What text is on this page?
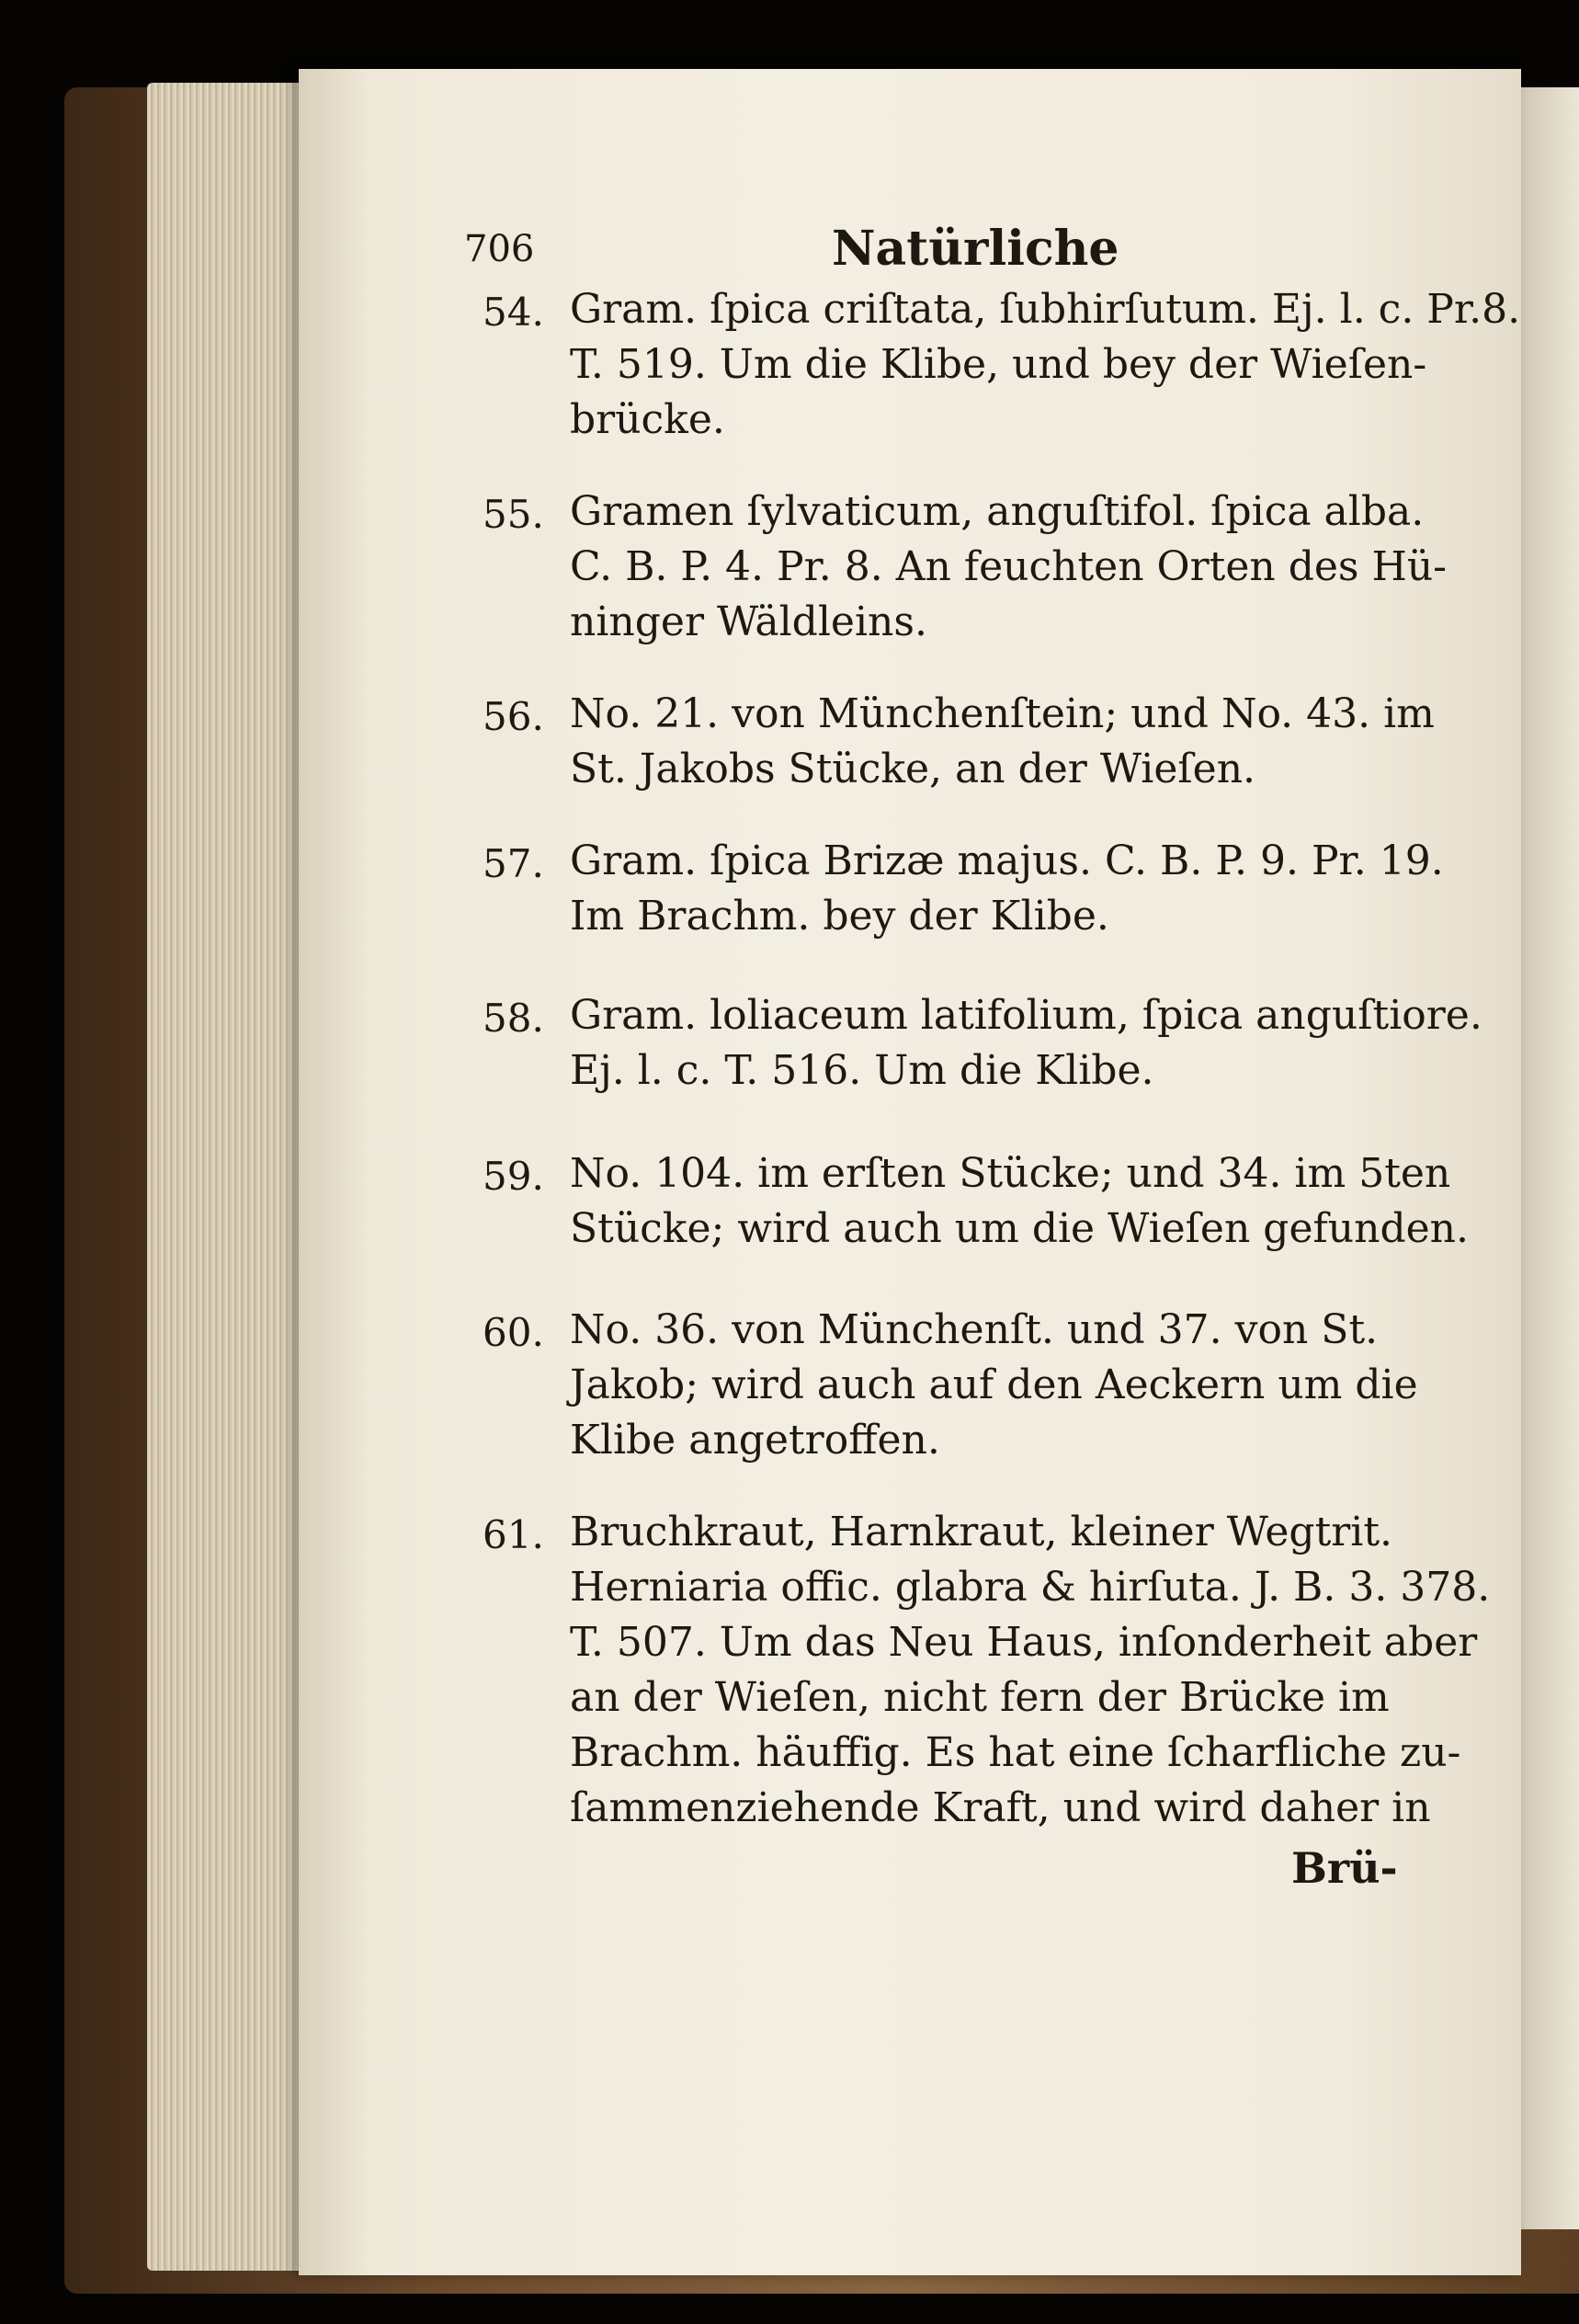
706	Natürliche
54. Gram. ſpica criſtata, ſubhirſutum. Ej. l. c. Pr.8.
T. 519. Um die Klibe, und bey der Wieſen-
brücke.
55. Gramen ſylvaticum, anguſtifol. ſpica alba.
C. B. P. 4. Pr. 8. An feuchten Orten des Hü-
ninger Wäldleins.
56. No. 21. von Münchenſtein; und No. 43. im
St. Jakobs Stücke, an der Wieſen.
57. Gram. ſpica Brizæ majus. C. B. P. 9. Pr. 19.
Im Brachm. bey der Klibe.
58. Gram. loliaceum latifolium, ſpica anguſtiore.
Ej. l. c. T. 516. Um die Klibe.
59. No. 104. im erſten Stücke; und 34. im 5ten
Stücke; wird auch um die Wieſen gefunden.
60. No. 36. von Münchenſt. und 37. von St.
Jakob; wird auch auf den Aeckern um die
Klibe angetroffen.
61. Bruchkraut, Harnkraut, kleiner Wegtrit.
Herniaria offic. glabra & hirſuta. J. B. 3. 378.
T. 507. Um das Neu Haus, inſonderheit aber
an der Wieſen, nicht fern der Brücke im
Brachm. häuffig. Es hat eine ſcharfliche zu-
ſammenziehende Kraft, und wird daher in
Brü-
